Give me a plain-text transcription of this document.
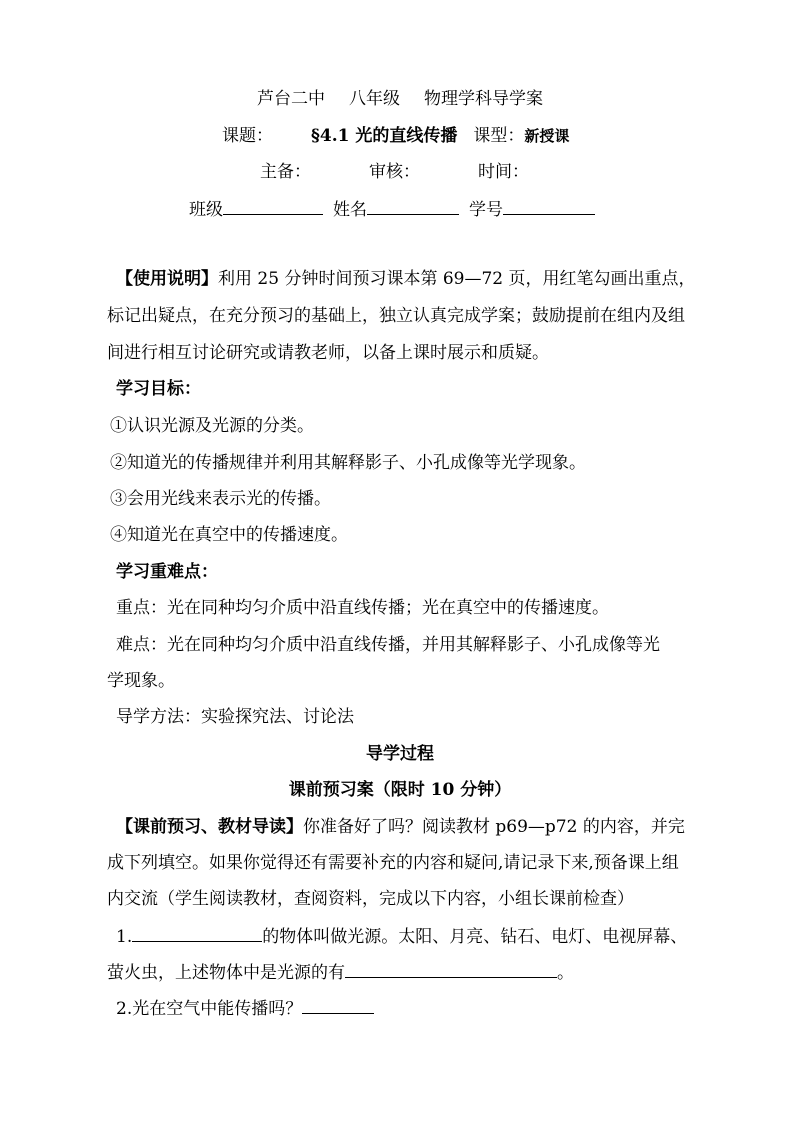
芦台二中 八年级 物理学科导学案
课题： §4.1 光的直线传播 课型：新授课
主备：	审核：	时间：
班级	姓名	学号
【使用说明】利用 25 分钟时间预习课本第 69—72 页，用红笔勾画出重点，
标记出疑点，在充分预习的基础上，独立认真完成学案；鼓励提前在组内及组
间进行相互讨论研究或请教老师，以备上课时展示和质疑。
学习目标：
①认识光源及光源的分类。
②知道光的传播规律并利用其解释影子、小孔成像等光学现象。
③会用光线来表示光的传播。
④知道光在真空中的传播速度。
学习重难点：
重点：光在同种均匀介质中沿直线传播；光在真空中的传播速度。
难点：光在同种均匀介质中沿直线传播，并用其解释影子、小孔成像等光
学现象。
导学方法：实验探究法、讨论法
导学过程
课前预习案（限时 10 分钟）
【课前预习、教材导读】你准备好了吗？阅读教材 p69—p72 的内容，并完
成下列填空。如果你觉得还有需要补充的内容和疑问,请记录下来,预备课上组
内交流（学生阅读教材，查阅资料，完成以下内容，小组长课前检查）
1.	的物体叫做光源。太阳、月亮、钻石、电灯、电视屏幕、
萤火虫，上述物体中是光源的有	。
2.光在空气中能传播吗？
